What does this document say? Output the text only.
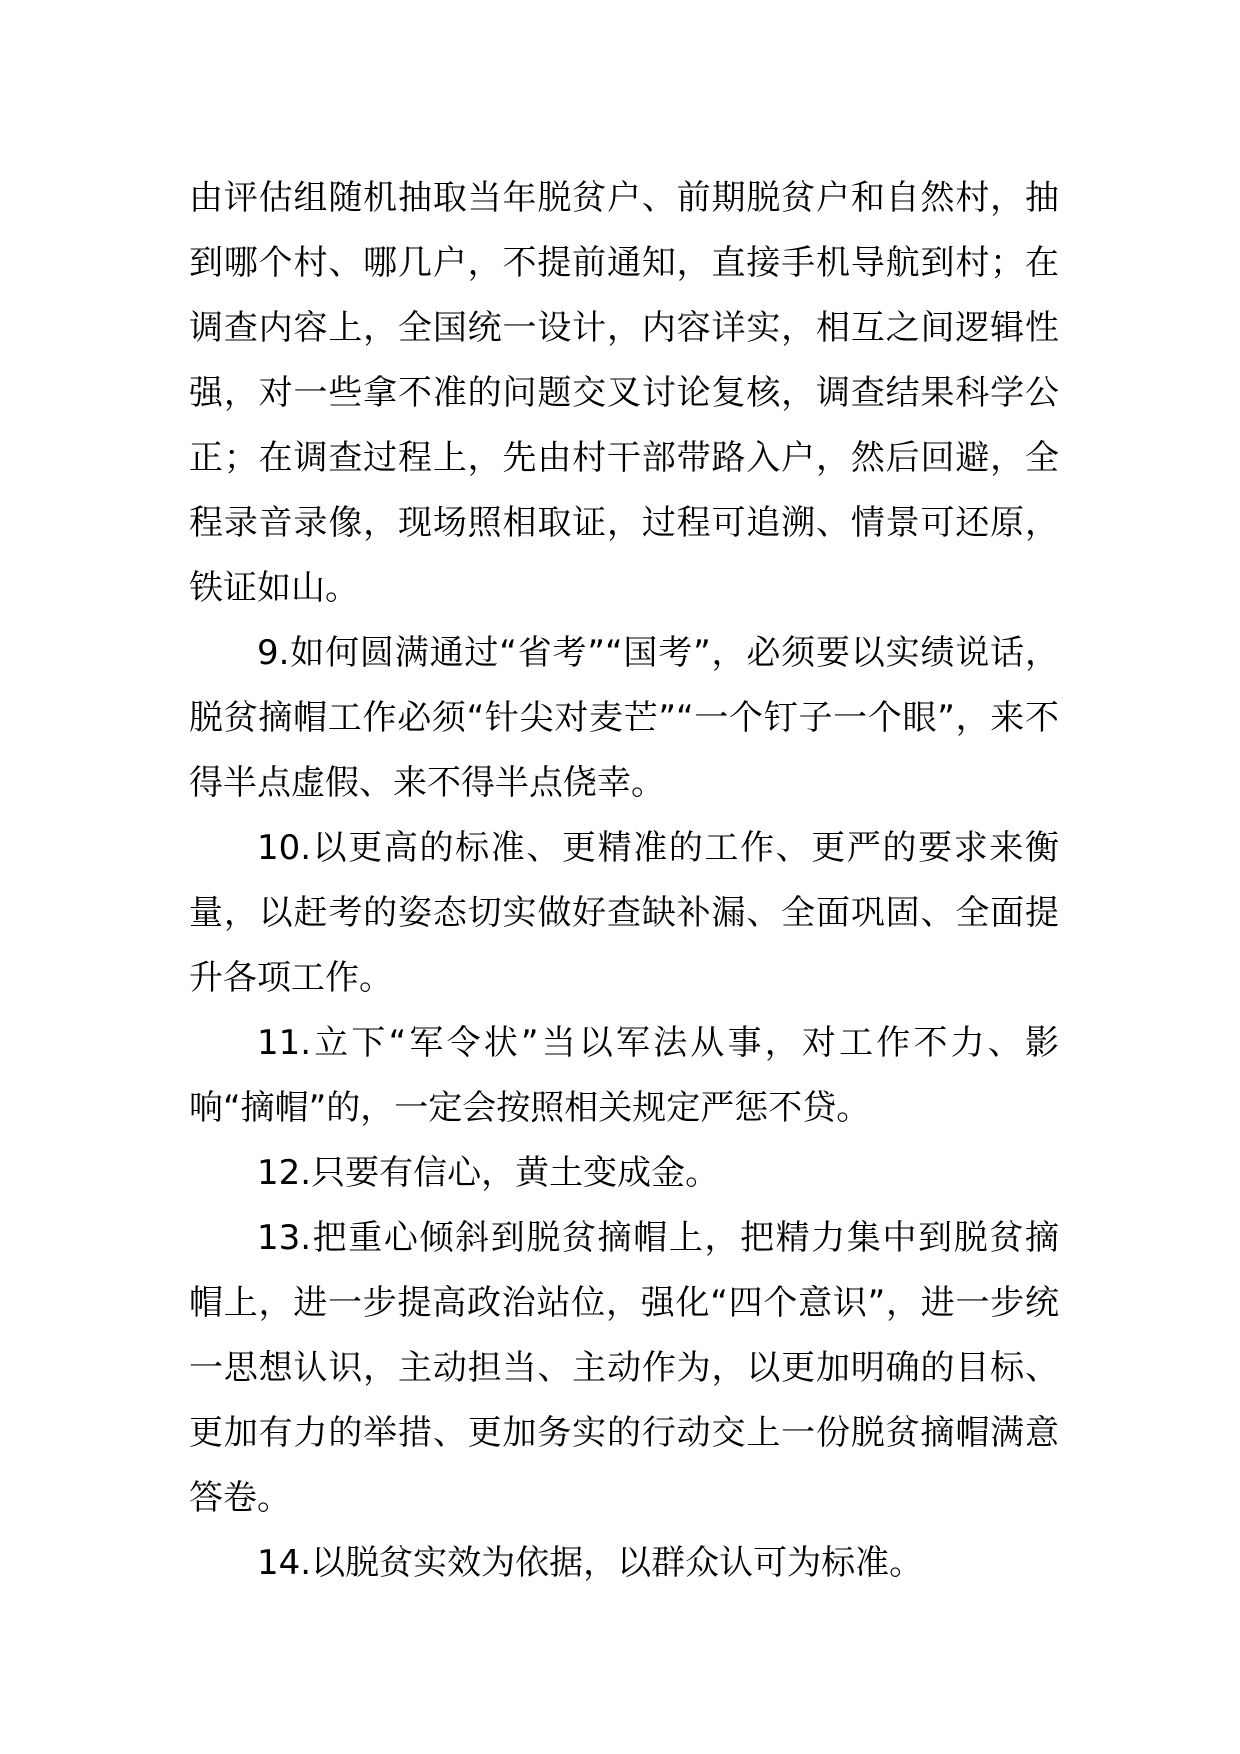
由评估组随机抽取当年脱贫户、前期脱贫户和自然村，抽到哪个村、哪几户，不提前通知，直接手机导航到村；在调查内容上，全国统一设计，内容详实，相互之间逻辑性强，对一些拿不准的问题交叉讨论复核，调查结果科学公正；在调查过程上，先由村干部带路入户，然后回避，全程录音录像，现场照相取证，过程可追溯、情景可还原，铁证如山。

9.如何圆满通过“省考”“国考”，必须要以实绩说话，脱贫摘帽工作必须“针尖对麦芒”“一个钉子一个眼”，来不得半点虚假、来不得半点侥幸。

10.以更高的标准、更精准的工作、更严的要求来衡量，以赶考的姿态切实做好查缺补漏、全面巩固、全面提升各项工作。

11.立下“军令状”当以军法从事，对工作不力、影响“摘帽”的，一定会按照相关规定严惩不贷。

12.只要有信心，黄土变成金。

13.把重心倾斜到脱贫摘帽上，把精力集中到脱贫摘帽上，进一步提高政治站位，强化“四个意识”，进一步统一思想认识，主动担当、主动作为，以更加明确的目标、更加有力的举措、更加务实的行动交上一份脱贫摘帽满意答卷。

14.以脱贫实效为依据，以群众认可为标准。
